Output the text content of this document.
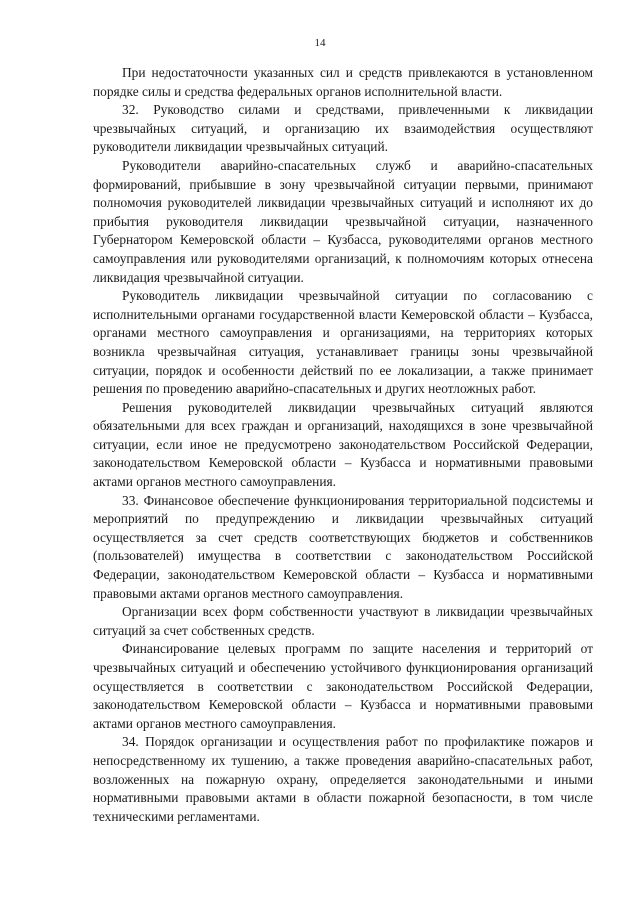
14

При недостаточности указанных сил и средств привлекаются в установленном порядке силы и средства федеральных органов исполнительной власти.

32. Руководство силами и средствами, привлеченными к ликвидации чрезвычайных ситуаций, и организацию их взаимодействия осуществляют руководители ликвидации чрезвычайных ситуаций.

Руководители аварийно-спасательных служб и аварийно-спасательных формирований, прибывшие в зону чрезвычайной ситуации первыми, принимают полномочия руководителей ликвидации чрезвычайных ситуаций и исполняют их до прибытия руководителя ликвидации чрезвычайной ситуации, назначенного Губернатором Кемеровской области – Кузбасса, руководителями органов местного самоуправления или руководителями организаций, к полномочиям которых отнесена ликвидация чрезвычайной ситуации.

Руководитель ликвидации чрезвычайной ситуации по согласованию с исполнительными органами государственной власти Кемеровской области – Кузбасса, органами местного самоуправления и организациями, на территориях которых возникла чрезвычайная ситуация, устанавливает границы зоны чрезвычайной ситуации, порядок и особенности действий по ее локализации, а также принимает решения по проведению аварийно-спасательных и других неотложных работ.

Решения руководителей ликвидации чрезвычайных ситуаций являются обязательными для всех граждан и организаций, находящихся в зоне чрезвычайной ситуации, если иное не предусмотрено законодательством Российской Федерации, законодательством Кемеровской области – Кузбасса и нормативными правовыми актами органов местного самоуправления.

33. Финансовое обеспечение функционирования территориальной подсистемы и мероприятий по предупреждению и ликвидации чрезвычайных ситуаций осуществляется за счет средств соответствующих бюджетов и собственников (пользователей) имущества в соответствии с законодательством Российской Федерации, законодательством Кемеровской области – Кузбасса и нормативными правовыми актами органов местного самоуправления.

Организации всех форм собственности участвуют в ликвидации чрезвычайных ситуаций за счет собственных средств.

Финансирование целевых программ по защите населения и территорий от чрезвычайных ситуаций и обеспечению устойчивого функционирования организаций осуществляется в соответствии с законодательством Российской Федерации, законодательством Кемеровской области – Кузбасса и нормативными правовыми актами органов местного самоуправления.

34. Порядок организации и осуществления работ по профилактике пожаров и непосредственному их тушению, а также проведения аварийно-спасательных работ, возложенных на пожарную охрану, определяется законодательными и иными нормативными правовыми актами в области пожарной безопасности, в том числе техническими регламентами.
